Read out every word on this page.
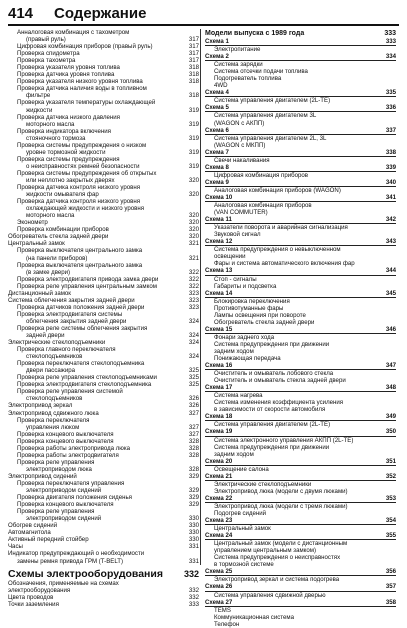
414 Содержание
Анналоговая комбинация с тахометром
(правый руль)	317
Цифровая комбинация приборов (правый руль)	317
Проверка спидометра	317
Проверка тахометра	317
Проверка указателя уровня топлива	318
Проверка датчика уровня топлива	318
Проверка указателя низкого уровня топлива	318
Проверка датчика наличия воды в топливном
фильтре	318
Проверка указателя температуры охлаждающей
жидкости	319
Проверка датчика низкого давления
моторного масла	319
Проверка индикатора включения
стояночного тормоза	319
Проверка системы предупреждения о низком
уровне тормозной жидкости	319
Проверка системы предупреждения
о неисправностях ремней безопасности	319
Проверка системы предупреждения об открытых
или неплотно закрытых дверях	320
Проверка датчика контроля низкого уровня
жидкости омывателя фар	320
Проверка датчика контроля низкого уровня
охлаждающей жидкости и низкого уровня
моторного масла	320
Эконометр	320
Проверка комбинации приборов	320
Обогреватель стекла задней двери	320
Центральный замок	321
Проверка выключателя центрального замка
(на панели приборов)	321
Проверка выключателя центрального замка
(в замке двери)	322
Проверка электродвигателя привода замка двери	322
Проверка реле управления центральным замком	322
Дистанционный замок	323
Система облегчения закрытия задней двери	323
Проверка датчиков положения задней двери	323
Проверка электродвигателя системы
облегчения закрытия задней двери	324
Проверка реле системы облегчения закрытия
задней двери	324
Электрические стеклоподъемники	324
Проверка главного переключателя
стеклоподъемников	324
Проверка переключателя стеклоподъемника
двери пассажира	325
Проверка реле управления стеклоподъемниками	325
Проверка электродвигателя стеклоподъемника	325
Проверка реле управления системой
стеклоподъемников	326
Электропривод зеркал	326
Электропривод сдвижного люка	327
Проверка переключателя
управления люком	327
Проверка концевого выключателя	327
Проверка концевого выключателя	328
Проверка работы электропривода люка	328
Проверка работы электродвигателя	328
Проверка реле управления
электроприводом люка	328
Электропривод сидений	329
Проверка переключателя управления
электроприводом сидений	329
Проверка двигателя положения сиденья	329
Проверка концевого выключателя	329
Проверка реле управления
электроприводом сидений	330
Обогрев сидений	330
Автомагнитола	330
Активный передний стойбер	330
Часы	331
Индикатор предупреждающий о необходимости
замены ремня привода ГРМ (T-BELT)	331
Схемы электрооборудования 332
Обозначения, применяемые на схемах
электрооборудования	332
Цвета проводов	332
Точки заземления	333
Модели выпуска с 1989 года	333
Схема 1	333
Электропитание
Схема 2	334
Система зарядки
Система отсечки подачи топлива
Подогреватель топлива
4WD
Схема 4	335
Система управления двигателем (2L-TE)
Схема 5	336
Система управления двигателем 3L
(WAGON с АКПП)
Схема 6	337
Система управления двигателем 2L, 3L
(WAGON с МКПП)
Схема 7	338
Свечи накаливания
Схема 8	339
Цифровая комбинация приборов
Схема 9	340
Аналоговая комбинация приборов (WAGON)
Схема 10	341
Аналоговая комбинация приборов
(VAN COMMUTER)
Схема 11	342
Указатели поворота и аварийная сигнализация
Звуковой сигнал
Схема 12	343
Система предупреждения о невыключенном
освещении
Фары и система автоматического включения фар
Схема 13	344
Стоп - сигналы
Габариты и подсветка
Схема 14	345
Блокировка переключения
Противотуманные фары
Лампы освещения при повороте
Обогреватель стекла задней двери
Схема 15	346
Фонари заднего хода
Система предупреждения при движении
задним ходом
Понижающая передача
Схема 16	347
Очиститель и омыватель лобового стекла
Очиститель и омыватель стекла задней двери
Схема 17	348
Система нагрева
Система изменения коэффициента усиления
в зависимости от скорости автомобиля
Схема 18	349
Система управления двигателем (2L-TE)
Схема 19	350
Система электронного управления АКПП (2L-TE)
Система предупреждения при движении
задним ходом
Схема 20	351
Освещение салона
Схема 21	352
Электрические стеклоподъемники
Электропривод люка (модели с двумя люками)
Схема 22	353
Электропривод люка (модели с тремя люками)
Подогрев сидений
Схема 23	354
Центральный замок
Схема 24	355
Центральный замок (модели с дистанционным
управлением центральным замком)
Система предупреждения о неисправностях
в тормозной системе
Схема 25	356
Электропривод зеркал и система подогрева
Схема 26	357
Система управления сдвижной дверью
Схема 27	358
TEMS
Коммуникационная система
Телефон
